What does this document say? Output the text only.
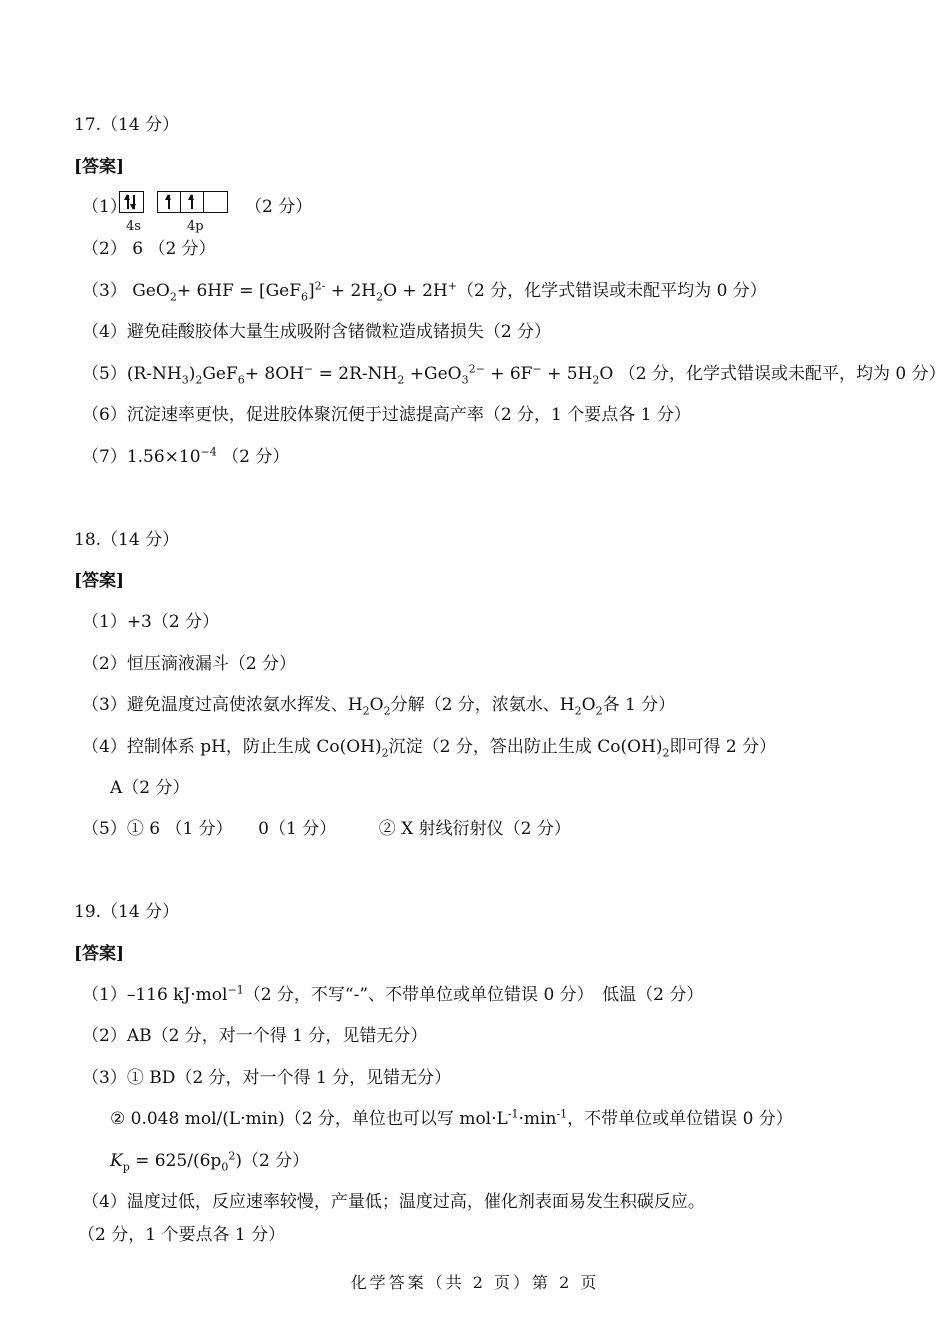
17.（14 分）
[答案]
（1）	（2 分）
4s	4p
（2） 6 （2 分）
（3） $GeO_2+ 6HF = [GeF_6]^{2-} + 2H_2O + 2H^+(2$ 分，化学式错误或未配平均为 0 分）
（4）避免硅酸胶体大量生成吸附含锗微粒造成锗损失（2 分）
$(5)(R-NH_3)_2GeF_6+ 8OH^- = 2R-NH_2 +GeO_3^{2-} + 6F^- + 5H_2O$ （2 分，化学式错误或未配平，均为 0 分）
（6）沉淀速率更快，促进胶体聚沉便于过滤提高产率（2 分，1 个要点各 1 分）
$(7)1.56\times 10^{-4}$ （2 分）
18.（14 分）
[答案]
（1）+3（2 分）
（2）恒压滴液漏斗（2 分）
（3）避免温度过高使浓氨水挥发、$H_2O_2$分解（2 分，浓氨水、$H_2O_2$各 1 分）
（4）控制体系 pH，防止生成 $Co(OH)_2$沉淀（2 分，答出防止生成 $Co(OH)_2$即可得 2 分）
A（2 分）
（5）① 6 （1 分）　　0（1 分）　　　② X 射线衍射仪（2 分）
19.（14 分）
[答案]
（1）–116 kJ·mol$^{-1}$（2 分，不写“-”、不带单位或单位错误 0 分）　低温（2 分）
（2）AB（2 分，对一个得 1 分，见错无分）
（3）① BD（2 分，对一个得 1 分，见错无分）
② 0.048 mol/(L·min)（2 分，单位也可以写 $mol\cdot L^{-1}\cdot\min^{-1}$，不带单位或单位错误 0 分）
$K_p = 625/(6p_0^2)(2$ 分）
（4）温度过低，反应速率较慢，产量低；温度过高，催化剂表面易发生积碳反应。
（2 分，1 个要点各 1 分）
化学答案（共 2 页）第 2 页
